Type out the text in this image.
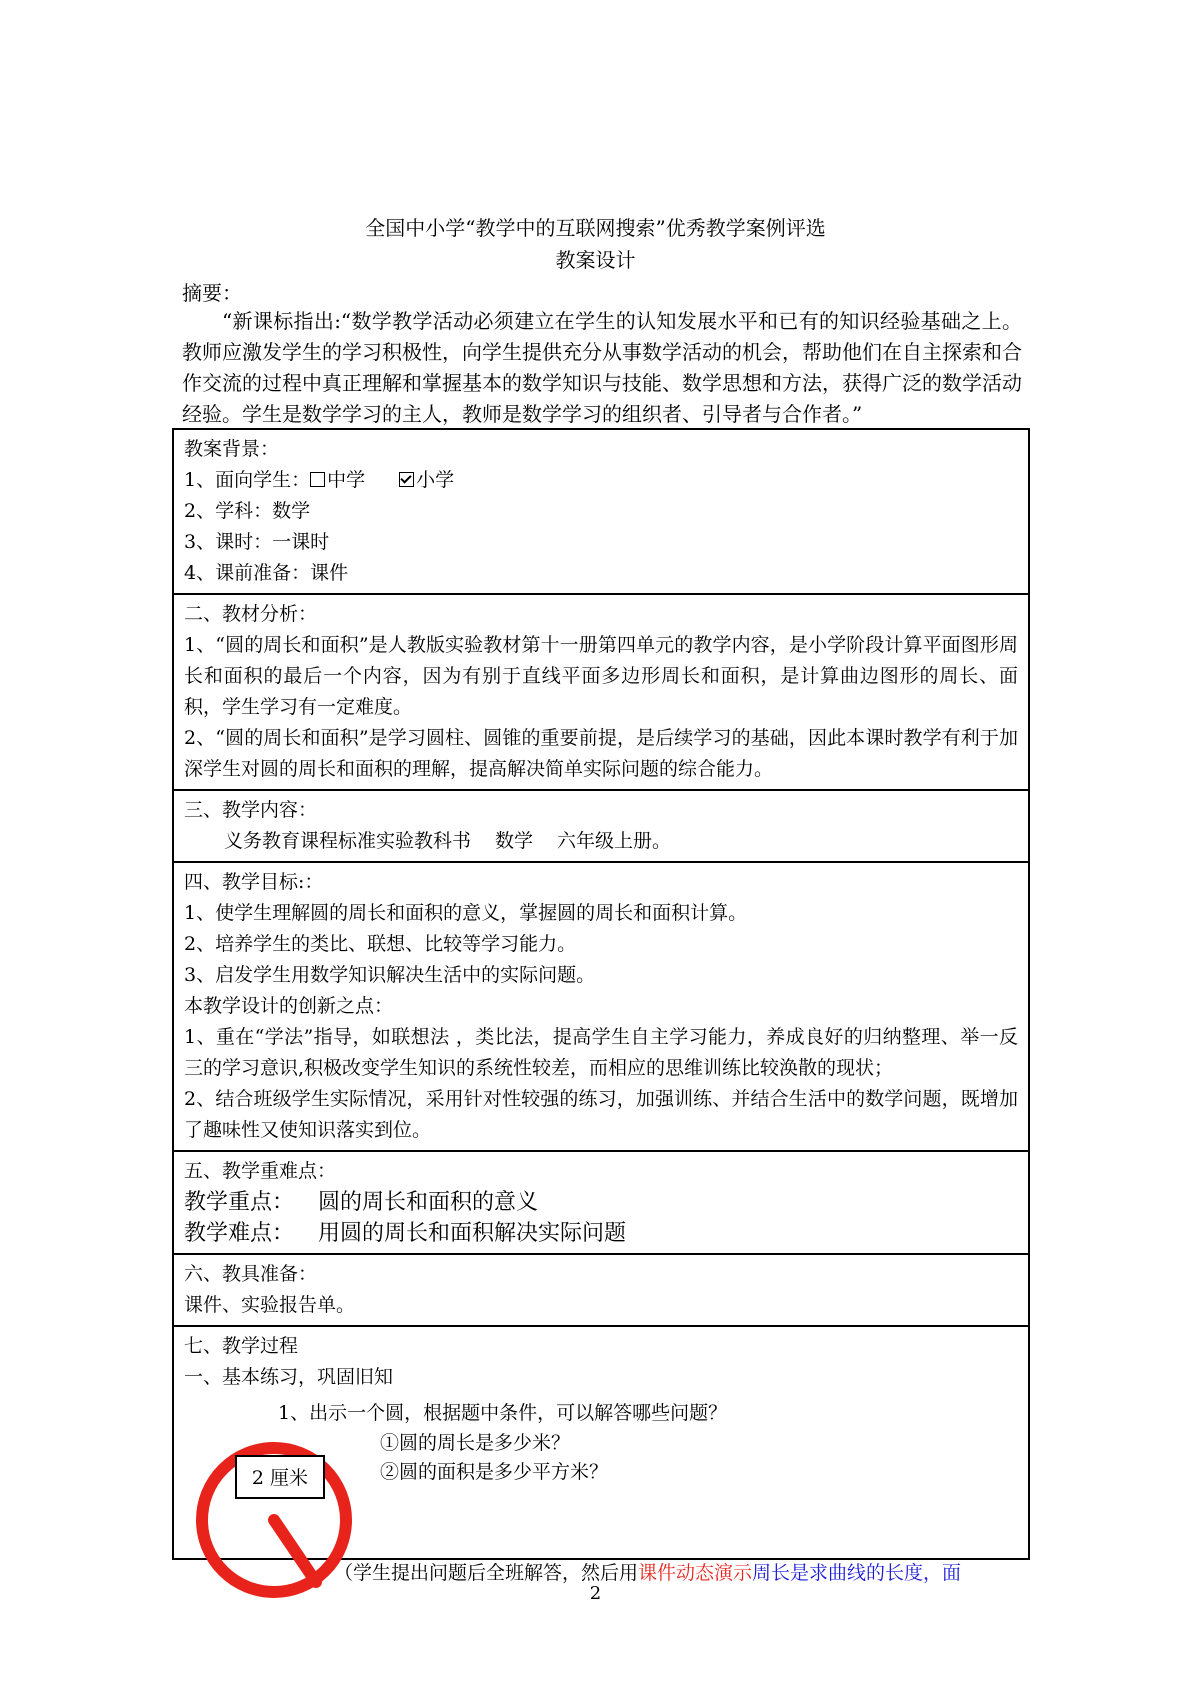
全国中小学“教学中的互联网搜索”优秀教学案例评选
教案设计
摘要：
“新课标指出:“数学教学活动必须建立在学生的认知发展水平和已有的知识经验基础之上。教师应激发学生的学习积极性，向学生提供充分从事数学活动的机会，帮助他们在自主探索和合作交流的过程中真正理解和掌握基本的数学知识与技能、数学思想和方法，获得广泛的数学活动经验。学生是数学学习的主人，教师是数学学习的组织者、引导者与合作者。”
教案背景：
1、面向学生： 中学	小学
2、学科：数学
3、课时：一课时
4、课前准备：课件

二、教材分析：
1、“圆的周长和面积”是人教版实验教材第十一册第四单元的教学内容，是小学阶段计算平面图形周长和面积的最后一个内容，因为有别于直线平面多边形周长和面积，是计算曲边图形的周长、面积，学生学习有一定难度。
2、“圆的周长和面积”是学习圆柱、圆锥的重要前提，是后续学习的基础，因此本课时教学有利于加深学生对圆的周长和面积的理解，提高解决简单实际问题的综合能力。

三、教学内容：
义务教育课程标准实验教科书 数学 六年级上册。

四、教学目标:：
1、使学生理解圆的周长和面积的意义，掌握圆的周长和面积计算。
2、培养学生的类比、联想、比较等学习能力。
3、启发学生用数学知识解决生活中的实际问题。
本教学设计的创新之点：
1、重在“学法”指导，如联想法 ，类比法，提高学生自主学习能力，养成良好的归纳整理、举一反三的学习意识,积极改变学生知识的系统性较差，而相应的思维训练比较涣散的现状；
2、结合班级学生实际情况，采用针对性较强的练习，加强训练、并结合生活中的数学问题，既增加了趣味性又使知识落实到位。

五、教学重难点：
教学重点： 圆的周长和面积的意义
教学难点： 用圆的周长和面积解决实际问题

六、教具准备：
课件、实验报告单。

七、教学过程
一、基本练习，巩固旧知
1、出示一个圆，根据题中条件，可以解答哪些问题？
①圆的周长是多少米？
②圆的面积是多少平方米？
2 厘米
（学生提出问题后全班解答，然后用课件动态演示周长是求曲线的长度，面
2
